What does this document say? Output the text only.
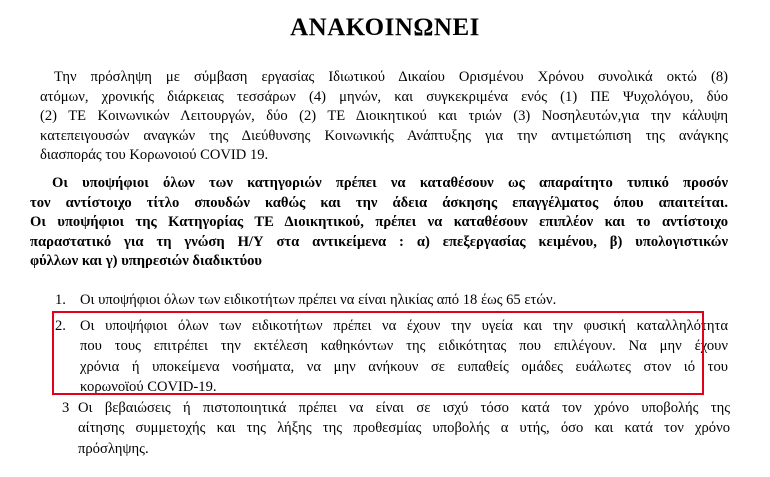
ΑΝΑΚΟΙΝΩΝΕΙ
Την πρόσληψη με σύμβαση εργασίας Ιδιωτικού Δικαίου Ορισμένου Χρόνου συνολικά οκτώ (8)
ατόμων, χρονικής διάρκειας τεσσάρων (4) μηνών, και συγκεκριμένα ενός (1) ΠΕ Ψυχολόγου, δύο
(2) ΤΕ Κοινωνικών Λειτουργών, δύο (2) ΤΕ Διοικητικού και τριών (3) Νοσηλευτών,για την κάλυψη
κατεπειγουσών αναγκών της Διεύθυνσης Κοινωνικής Ανάπτυξης για την αντιμετώπιση της ανάγκης
διασποράς του Κορωνοιού COVID 19.
Οι υποψήφιοι όλων των κατηγοριών πρέπει να καταθέσουν ως απαραίτητο τυπικό προσόν
τον αντίστοιχο τίτλο σπουδών καθώς και την άδεια άσκησης επαγγέλματος όπου απαιτείται.
Οι υποψήφιοι της Κατηγορίας ΤΕ Διοικητικού, πρέπει να καταθέσουν επιπλέον και το αντίστοιχο
παραστατικό για τη γνώση Η/Υ στα αντικείμενα : α) επεξεργασίας κειμένου, β) υπολογιστικών
φύλλων και γ) υπηρεσιών διαδικτύου
1. Οι υποψήφιοι όλων των ειδικοτήτων πρέπει να είναι ηλικίας από 18 έως 65 ετών.
2. Οι υποψήφιοι όλων των ειδικοτήτων πρέπει να έχουν την υγεία και την φυσική καταλληλότητα
που τους επιτρέπει την εκτέλεση καθηκόντων της ειδικότητας που επιλέγουν. Να μην έχουν
χρόνια ή υποκείμενα νοσήματα, να μην ανήκουν σε ευπαθείς ομάδες ευάλωτες στον ιό του
κορωνοϊού COVID-19.
3 Οι βεβαιώσεις ή πιστοποιητικά πρέπει να είναι σε ισχύ τόσο κατά τον χρόνο υποβολής της
αίτησης συμμετοχής και της λήξης της προθεσμίας υποβολής α υτής, όσο και κατά τον χρόνο
πρόσληψης.
